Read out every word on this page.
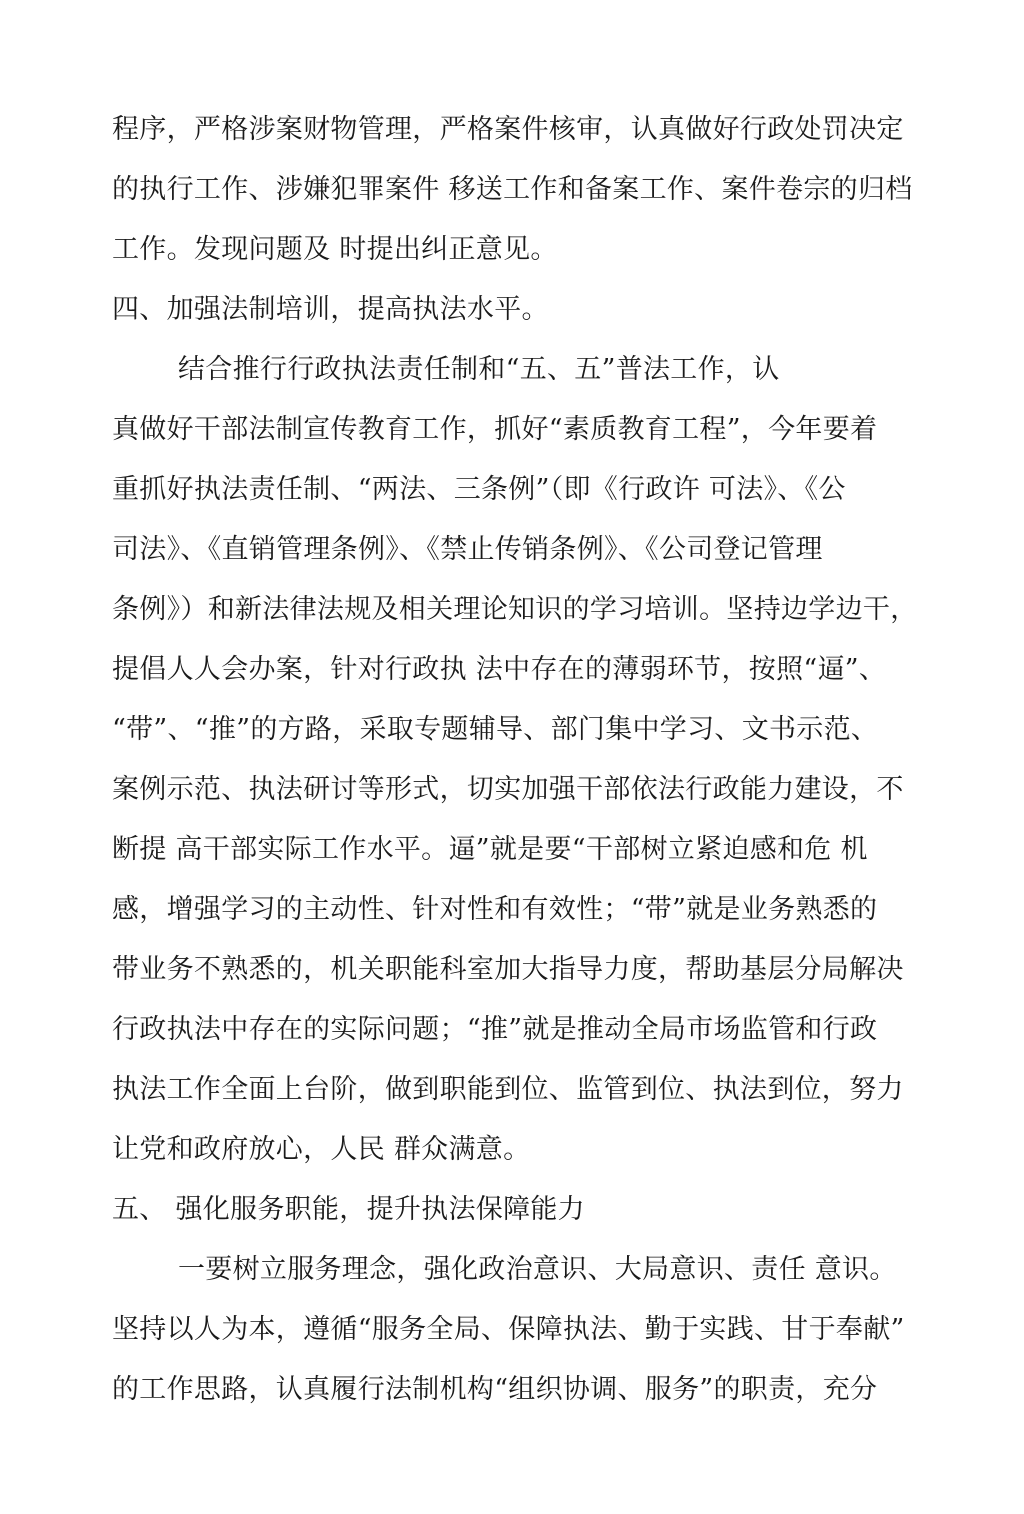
程序，严格涉案财物管理，严格案件核审，认真做好行政处罚决定

的执行工作、涉嫌犯罪案件 移送工作和备案工作、案件卷宗的归档

工作。发现问题及 时提出纠正意见。

四、加强法制培训，提高执法水平。

结合推行行政执法责任制和“五、五”普法工作，认

真做好干部法制宣传教育工作，抓好“素质教育工程”，今年要着

重抓好执法责任制、“两法、三条例”（即《行政许 可法》、《公

司法》、《直销管理条例》、《禁止传销条例》、《公司登记管理

条例》）和新法律法规及相关理论知识的学习培训。坚持边学边干，

提倡人人会办案，针对行政执 法中存在的薄弱环节，按照“逼”、

“带”、“推”的方路，采取专题辅导、部门集中学习、文书示范、

案例示范、执法研讨等形式，切实加强干部依法行政能力建设，不

断提 高干部实际工作水平。逼”就是要“干部树立紧迫感和危 机

感，增强学习的主动性、针对性和有效性；“带”就是业务熟悉的

带业务不熟悉的，机关职能科室加大指导力度，帮助基层分局解决

行政执法中存在的实际问题；“推”就是推动全局市场监管和行政

执法工作全面上台阶，做到职能到位、监管到位、执法到位，努力

让党和政府放心，人民 群众满意。

五、 强化服务职能，提升执法保障能力

一要树立服务理念，强化政治意识、大局意识、责任 意识。

坚持以人为本，遵循“服务全局、保障执法、勤于实践、甘于奉献”

的工作思路，认真履行法制机构“组织协调、服务”的职责，充分
